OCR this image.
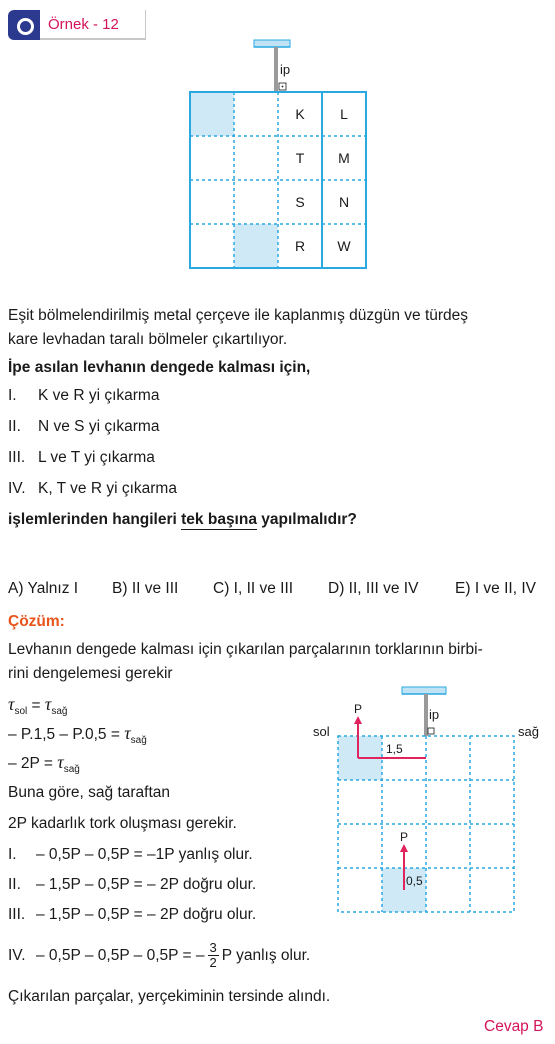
Örnek - 12
ip
K	L
T M
S N
R W
Eşit bölmelendirilmiş metal çerçeve ile kaplanmış düzgün ve türdeş
kare levhadan taralı bölmeler çıkartılıyor.
İpe asılan levhanın dengede kalması için,
I. K ve R yi çıkarma
II. N ve S yi çıkarma
III. L ve T yi çıkarma
IV. K, T ve R yi çıkarma
işlemlerinden hangileri tek başına yapılmalıdır?
A) Yalnız I B) II ve III C) I, II ve III D) II, III ve IV E) I ve II, IV
Çözüm:
Levhanın dengede kalması için çıkarılan parçalarının torklarının birbi-
rini dengelemesi gerekir
$\tau_{sol} = \tau_{sağ}$
– $P.1,5 - P.0,5 = \tau_{sağ}$
– $2P = \tau_{sağ}$
Buna göre, sağ taraftan
2P kadarlık tork oluşması gerekir.
I. – 0,5P – 0,5P = –1P yanlış olur.
II. – 1,5P – 0,5P = – 2P doğru olur.
III. – 1,5P – 0,5P = – 2P doğru olur.
IV. – 0,5P – 0,5P – 0,5P = – $\frac{3}{2}$ P yanlış olur.
Çıkarılan parçalar, yerçekiminin tersinde alındı.
Cevap B
ip
sol	sağ
P
1,5
P
0,5
